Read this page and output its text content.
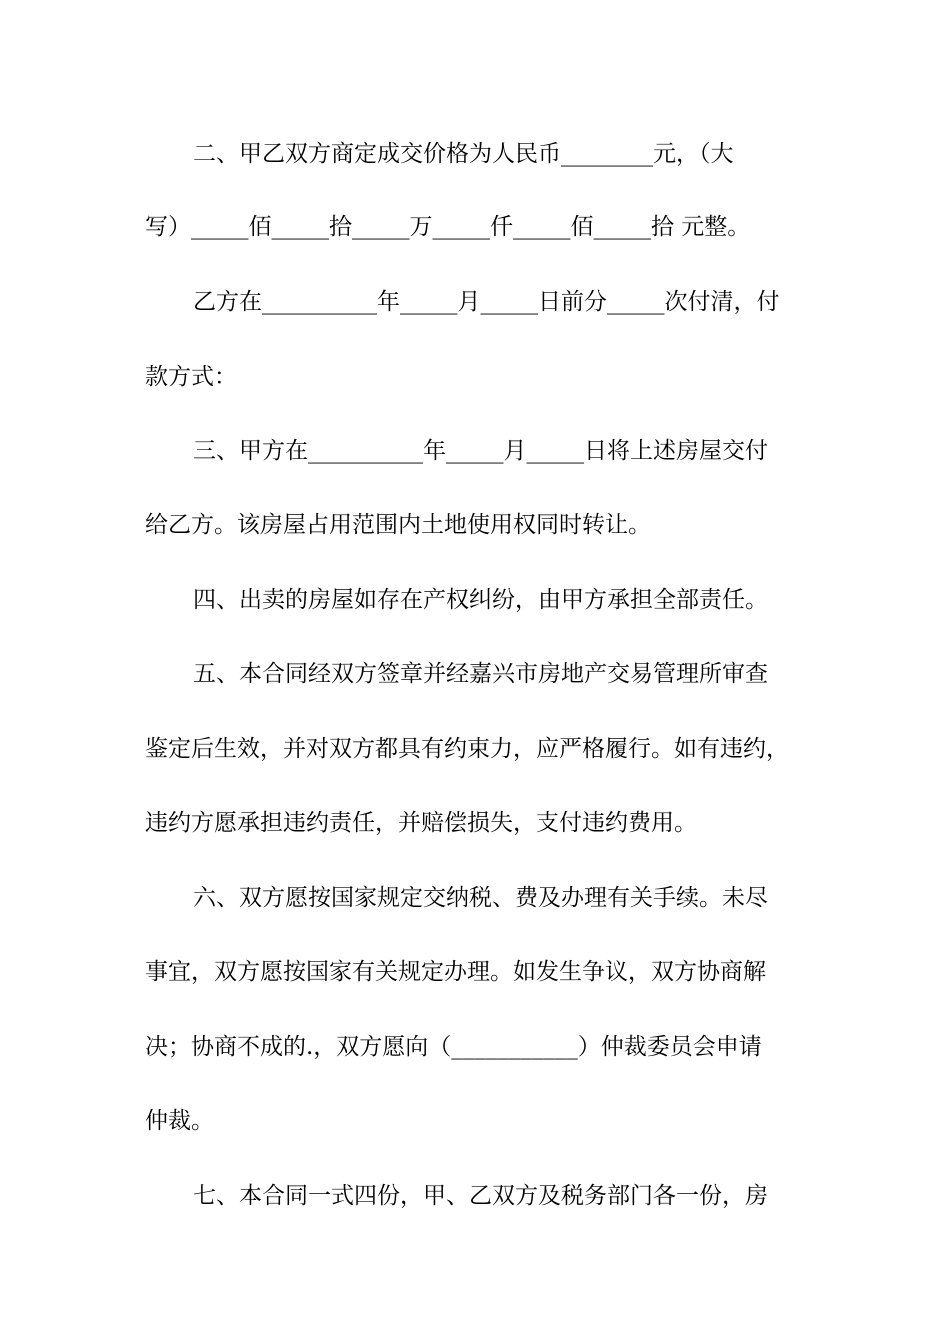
二、甲乙双方商定成交价格为人民币________元，（大
写）_____佰_____拾_____万_____仟_____佰_____拾 元整。
乙方在__________年_____月_____日前分_____次付清，付
款方式：
三、甲方在__________年_____月_____日将上述房屋交付
给乙方。该房屋占用范围内土地使用权同时转让。
四、出卖的房屋如存在产权纠纷，由甲方承担全部责任。
五、本合同经双方签章并经嘉兴市房地产交易管理所审查
鉴定后生效，并对双方都具有约束力，应严格履行。如有违约，
违约方愿承担违约责任，并赔偿损失，支付违约费用。
六、双方愿按国家规定交纳税、费及办理有关手续。未尽
事宜，双方愿按国家有关规定办理。如发生争议，双方协商解
决；协商不成的.，双方愿向（___________）仲裁委员会申请
仲裁。
七、本合同一式四份，甲、乙双方及税务部门各一份，房
